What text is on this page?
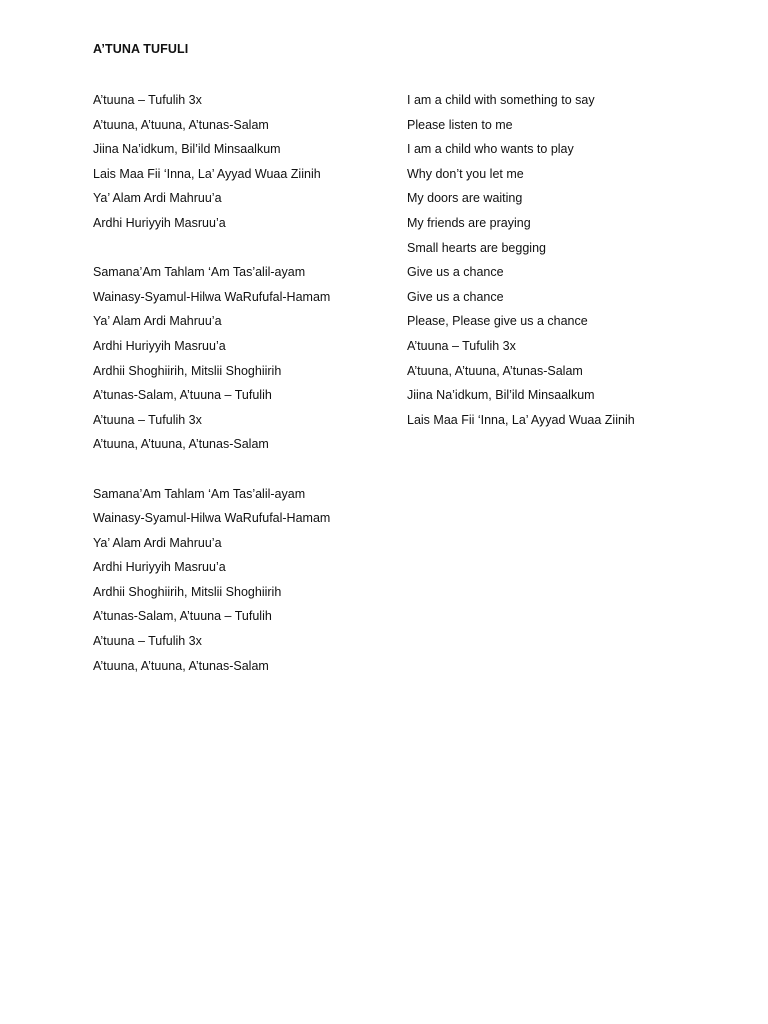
A’TUNA TUFULI

A’tuuna – Tufulih 3x

A’tuuna, A’tuuna, A’tunas-Salam

Jiina Na’idkum, Bil’ild Minsaalkum

Lais Maa Fii ‘Inna, La’ Ayyad Wuaa Ziinih

Ya’ Alam Ardi Mahruu’a

Ardhi Huriyyih Masruu’a

Samana’Am Tahlam ‘Am Tas’alil-ayam

Wainasy-Syamul-Hilwa WaRufufal-Hamam

Ya’ Alam Ardi Mahruu’a

Ardhi Huriyyih Masruu’a

Ardhii Shoghiirih, Mitslii Shoghiirih

A’tunas-Salam, A’tuuna – Tufulih

A’tuuna – Tufulih 3x

A’tuuna, A’tuuna, A’tunas-Salam

Samana’Am Tahlam ‘Am Tas’alil-ayam

Wainasy-Syamul-Hilwa WaRufufal-Hamam

Ya’ Alam Ardi Mahruu’a

Ardhi Huriyyih Masruu’a

Ardhii Shoghiirih, Mitslii Shoghiirih

A’tunas-Salam, A’tuuna – Tufulih

A’tuuna – Tufulih 3x

A’tuuna, A’tuuna, A’tunas-Salam

I am a child with something to say

Please listen to me

I am a child who wants to play

Why don’t you let me

My doors are waiting

My friends are praying

Small hearts are begging

Give us a chance

Give us a chance

Please, Please give us a chance

A’tuuna – Tufulih 3x

A’tuuna, A’tuuna, A’tunas-Salam

Jiina Na’idkum, Bil’ild Minsaalkum

Lais Maa Fii ‘Inna, La’ Ayyad Wuaa Ziinih
